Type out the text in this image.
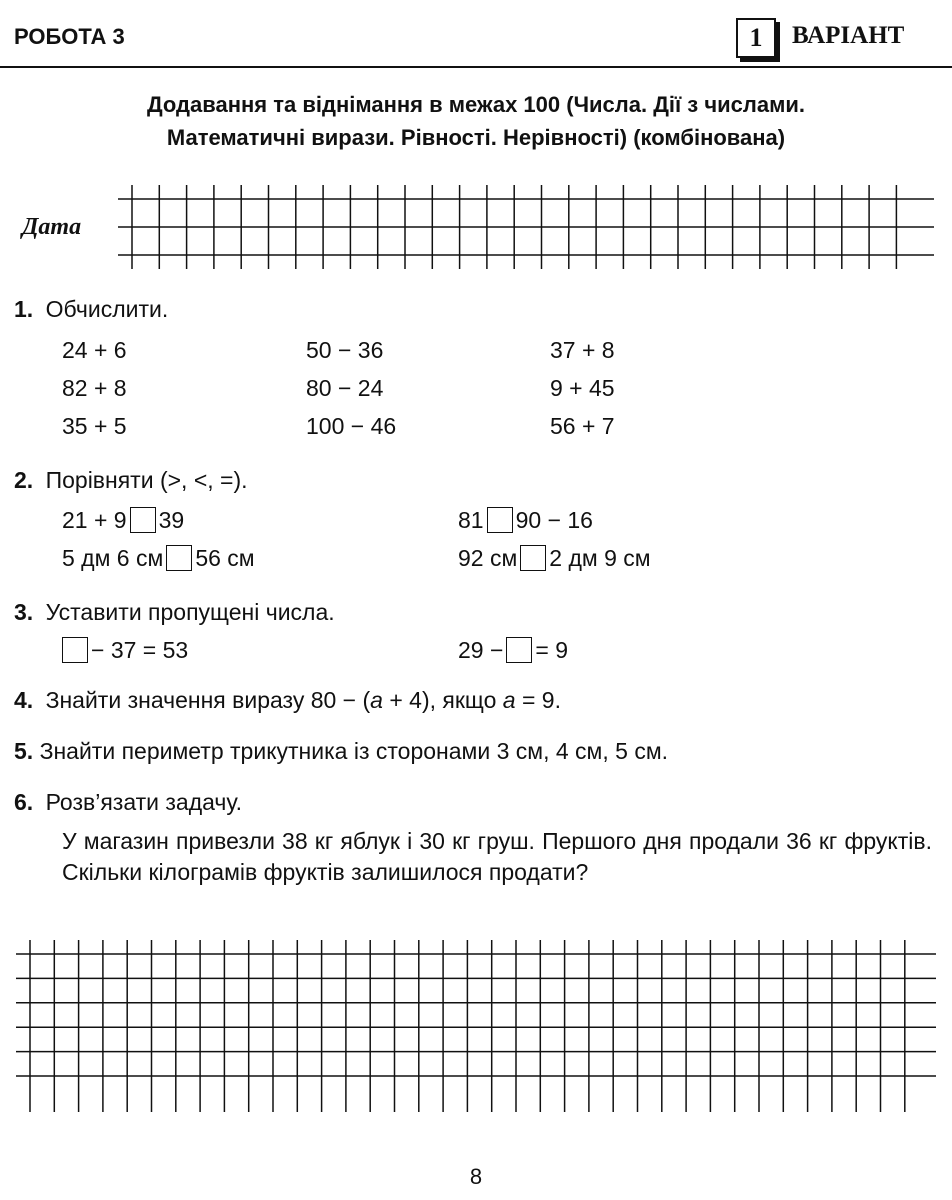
РОБОТА 3	1	ВАРІАНТ
Додавання та віднімання в межах 100 (Числа. Дії з числами.
Математичні вирази. Рівності. Нерівності) (комбінована)
Дата
1. Обчислити.
24 + 6	50 − 36	37 + 8
82 + 8	80 − 24	9 + 45
35 + 5	100 − 46	56 + 7
2. Порівняти (>, <, =).
21 + 9 39	81 90 − 16
5 дм 6 см 56 см	92 см 2 дм 9 см
3. Уставити пропущені числа.
− 37 = 53	29 − = 9
4. Знайти значення виразу 80 − (a + 4), якщо a = 9.
5. Знайти периметр трикутника із сторонами 3 см, 4 см, 5 см.
6. Розв’язати задачу.
У магазин привезли 38 кг яблук і 30 кг груш. Першого дня продали 36 кг фруктів. Скільки кілограмів фруктів залишилося продати?
8
